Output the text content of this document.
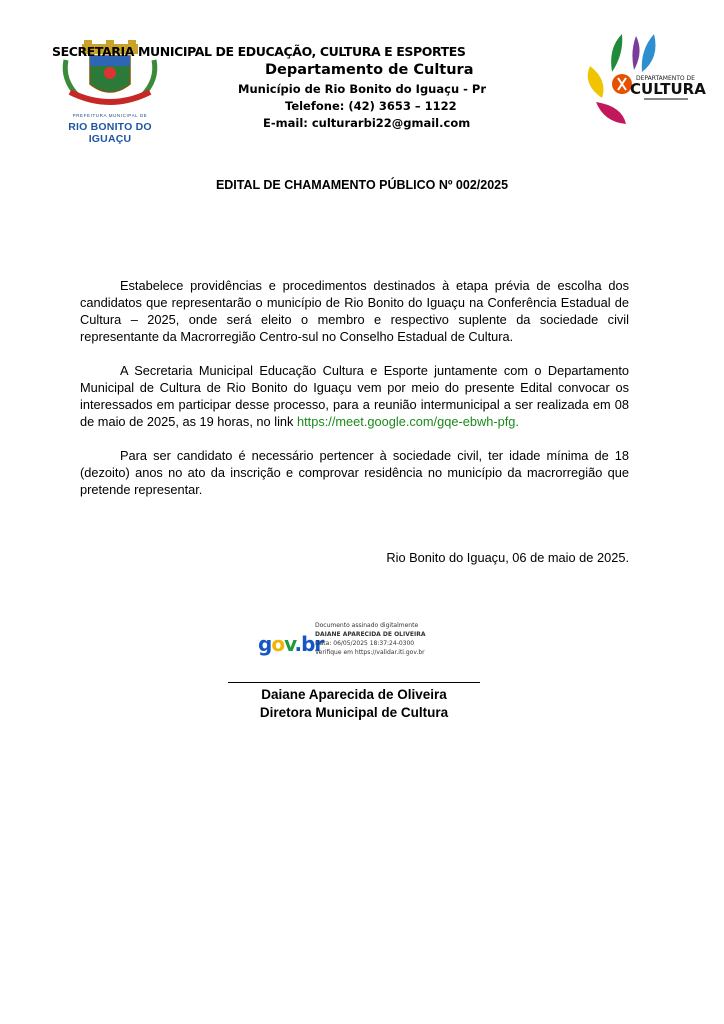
PREFEITURA MUNICIPAL DE
RIO BONITO DO IGUAÇU
SECRETARIA MUNICIPAL DE EDUCAÇÃO, CULTURA E ESPORTES
Departamento de Cultura
Município de Rio Bonito do Iguaçu - Pr
Telefone: (42) 3653 – 1122
E-mail: culturarbi22@gmail.com
DEPARTAMENTO DE
CULTURA
EDITAL DE CHAMAMENTO PÚBLICO Nº 002/2025

Estabelece providências e procedimentos destinados à etapa prévia de escolha dos candidatos que representarão o município de Rio Bonito do Iguaçu na Conferência Estadual de Cultura – 2025, onde será eleito o membro e respectivo suplente da sociedade civil representante da Macrorregião Centro-sul no Conselho Estadual de Cultura.

A Secretaria Municipal Educação Cultura e Esporte juntamente com o Departamento Municipal de Cultura de Rio Bonito do Iguaçu vem por meio do presente Edital convocar os interessados em participar desse processo, para a reunião intermunicipal a ser realizada em 08 de maio de 2025, as 19 horas, no link https://meet.google.com/gqe-ebwh-pfg.

Para ser candidato é necessário pertencer à sociedade civil, ter idade mínima de 18 (dezoito) anos no ato da inscrição e comprovar residência no município da macrorregião que pretende representar.

Rio Bonito do Iguaçu, 06 de maio de 2025.
gov.br
Documento assinado digitalmente
DAIANE APARECIDA DE OLIVEIRA
Data: 06/05/2025 18:37:24-0300
Verifique em https://validar.iti.gov.br
Daiane Aparecida de Oliveira
Diretora Municipal de Cultura
